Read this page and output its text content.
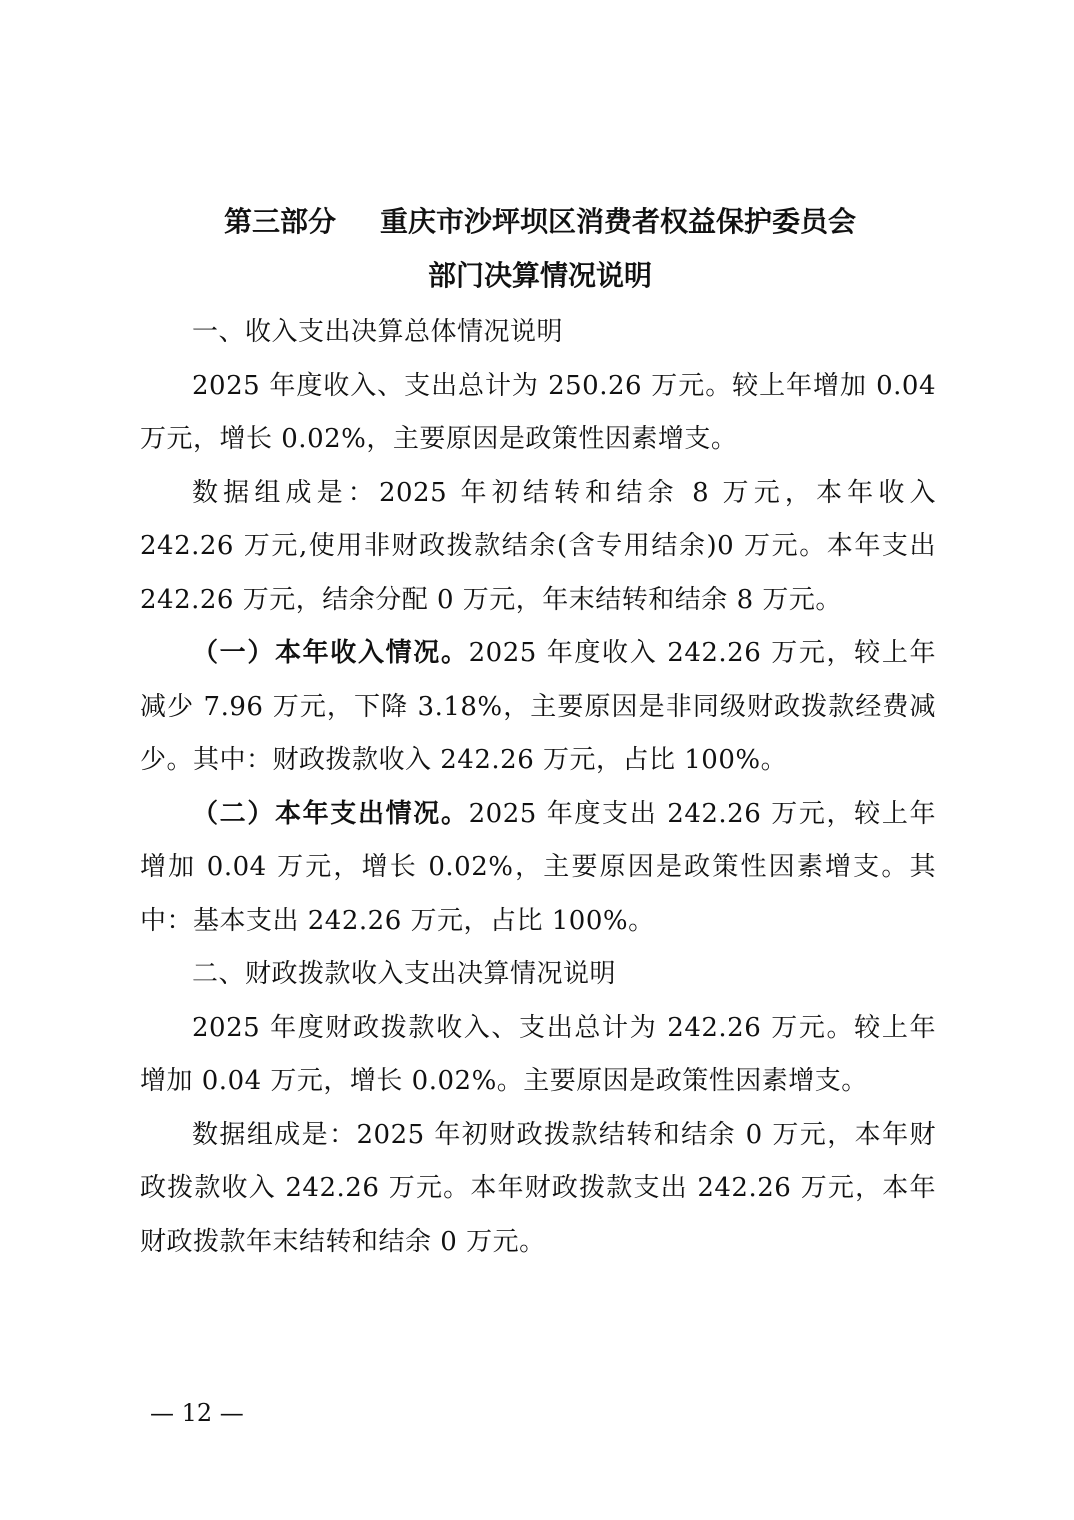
第三部分 重庆市沙坪坝区消费者权益保护委员会
部门决算情况说明

一、收入支出决算总体情况说明

2025 年度收入、支出总计为 250.26 万元。较上年增加 0.04 万元，增长 0.02%，主要原因是政策性因素增支。

数据组成是：2025 年初结转和结余 8 万元，本年收入 242.26 万元,使用非财政拨款结余(含专用结余)0 万元。本年支出 242.26 万元，结余分配 0 万元，年末结转和结余 8 万元。

（一）本年收入情况。2025 年度收入 242.26 万元，较上年减少 7.96 万元，下降 3.18%，主要原因是非同级财政拨款经费减少。其中：财政拨款收入 242.26 万元，占比 100%。

（二）本年支出情况。2025 年度支出 242.26 万元，较上年增加 0.04 万元，增长 0.02%，主要原因是政策性因素增支。其中：基本支出 242.26 万元，占比 100%。

二、财政拨款收入支出决算情况说明

2025 年度财政拨款收入、支出总计为 242.26 万元。较上年增加 0.04 万元，增长 0.02%。主要原因是政策性因素增支。

数据组成是：2025 年初财政拨款结转和结余 0 万元，本年财政拨款收入 242.26 万元。本年财政拨款支出 242.26 万元，本年财政拨款年末结转和结余 0 万元。

— 12 —
